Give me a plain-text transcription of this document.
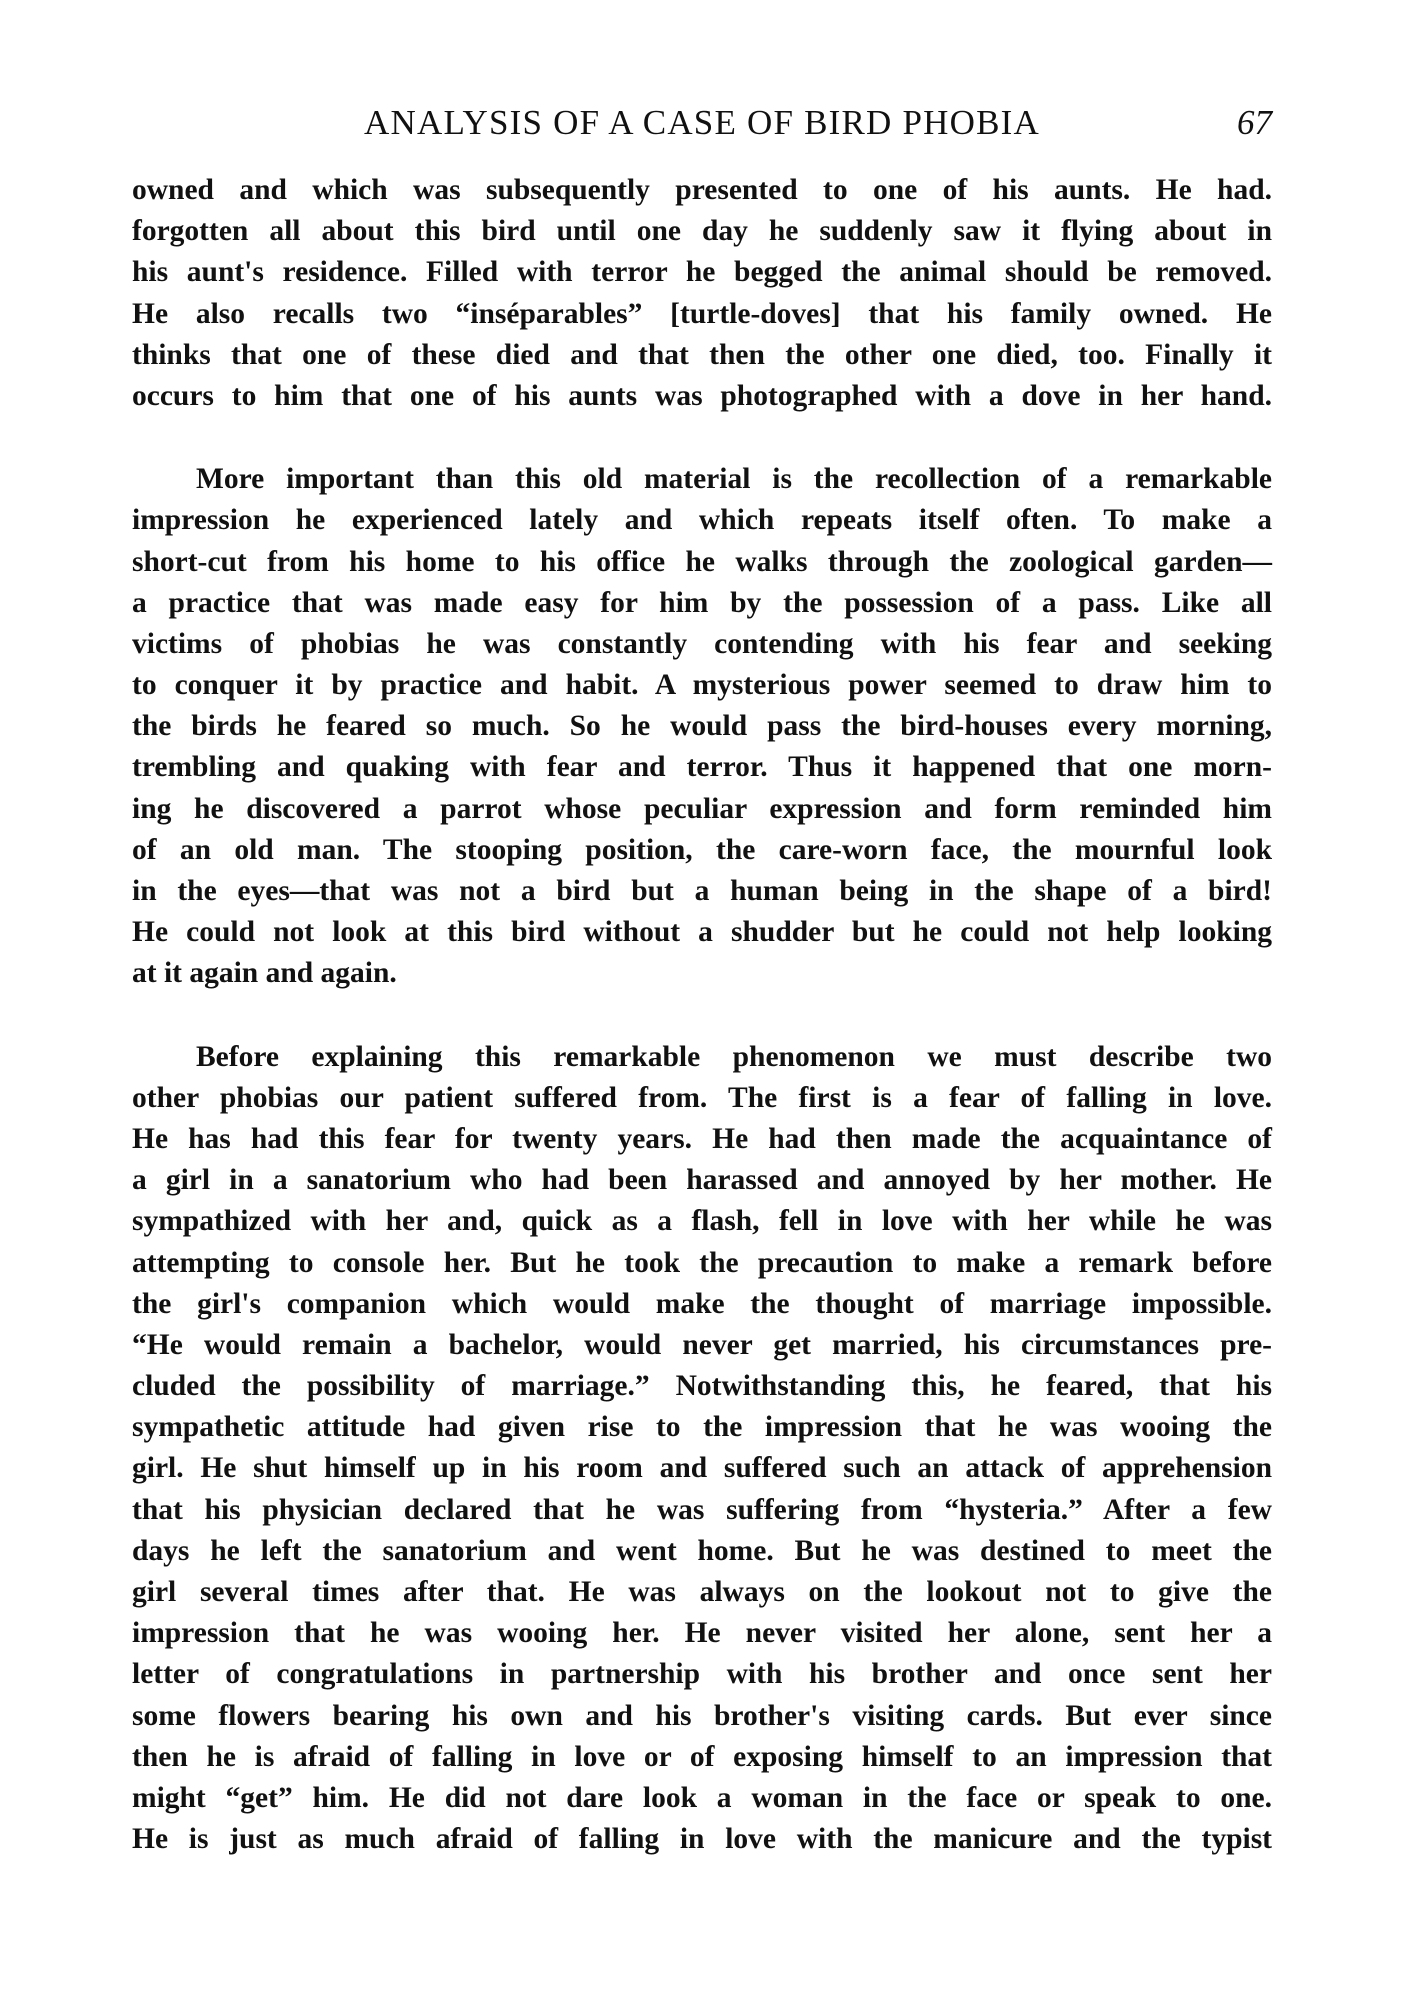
ANALYSIS OF A CASE OF BIRD PHOBIA	67
owned and which was subsequently presented to one of his aunts. He had.
forgotten all about this bird until one day he suddenly saw it flying about in
his aunt's residence. Filled with terror he begged the animal should be removed.
He also recalls two “inséparables” [turtle-doves] that his family owned. He
thinks that one of these died and that then the other one died, too. Finally it
occurs to him that one of his aunts was photographed with a dove in her hand.
More important than this old material is the recollection of a remarkable
impression he experienced lately and which repeats itself often. To make a
short-cut from his home to his office he walks through the zoological garden—
a practice that was made easy for him by the possession of a pass. Like all
victims of phobias he was constantly contending with his fear and seeking
to conquer it by practice and habit. A mysterious power seemed to draw him to
the birds he feared so much. So he would pass the bird-houses every morning,
trembling and quaking with fear and terror. Thus it happened that one morn-
ing he discovered a parrot whose peculiar expression and form reminded him
of an old man. The stooping position, the care-worn face, the mournful look
in the eyes—that was not a bird but a human being in the shape of a bird!
He could not look at this bird without a shudder but he could not help looking
at it again and again.
Before explaining this remarkable phenomenon we must describe two
other phobias our patient suffered from. The first is a fear of falling in love.
He has had this fear for twenty years. He had then made the acquaintance of
a girl in a sanatorium who had been harassed and annoyed by her mother. He
sympathized with her and, quick as a flash, fell in love with her while he was
attempting to console her. But he took the precaution to make a remark before
the girl's companion which would make the thought of marriage impossible.
“He would remain a bachelor, would never get married, his circumstances pre-
cluded the possibility of marriage.” Notwithstanding this, he feared, that his
sympathetic attitude had given rise to the impression that he was wooing the
girl. He shut himself up in his room and suffered such an attack of apprehension
that his physician declared that he was suffering from “hysteria.” After a few
days he left the sanatorium and went home. But he was destined to meet the
girl several times after that. He was always on the lookout not to give the
impression that he was wooing her. He never visited her alone, sent her a
letter of congratulations in partnership with his brother and once sent her
some flowers bearing his own and his brother's visiting cards. But ever since
then he is afraid of falling in love or of exposing himself to an impression that
might “get” him. He did not dare look a woman in the face or speak to one.
He is just as much afraid of falling in love with the manicure and the typist
